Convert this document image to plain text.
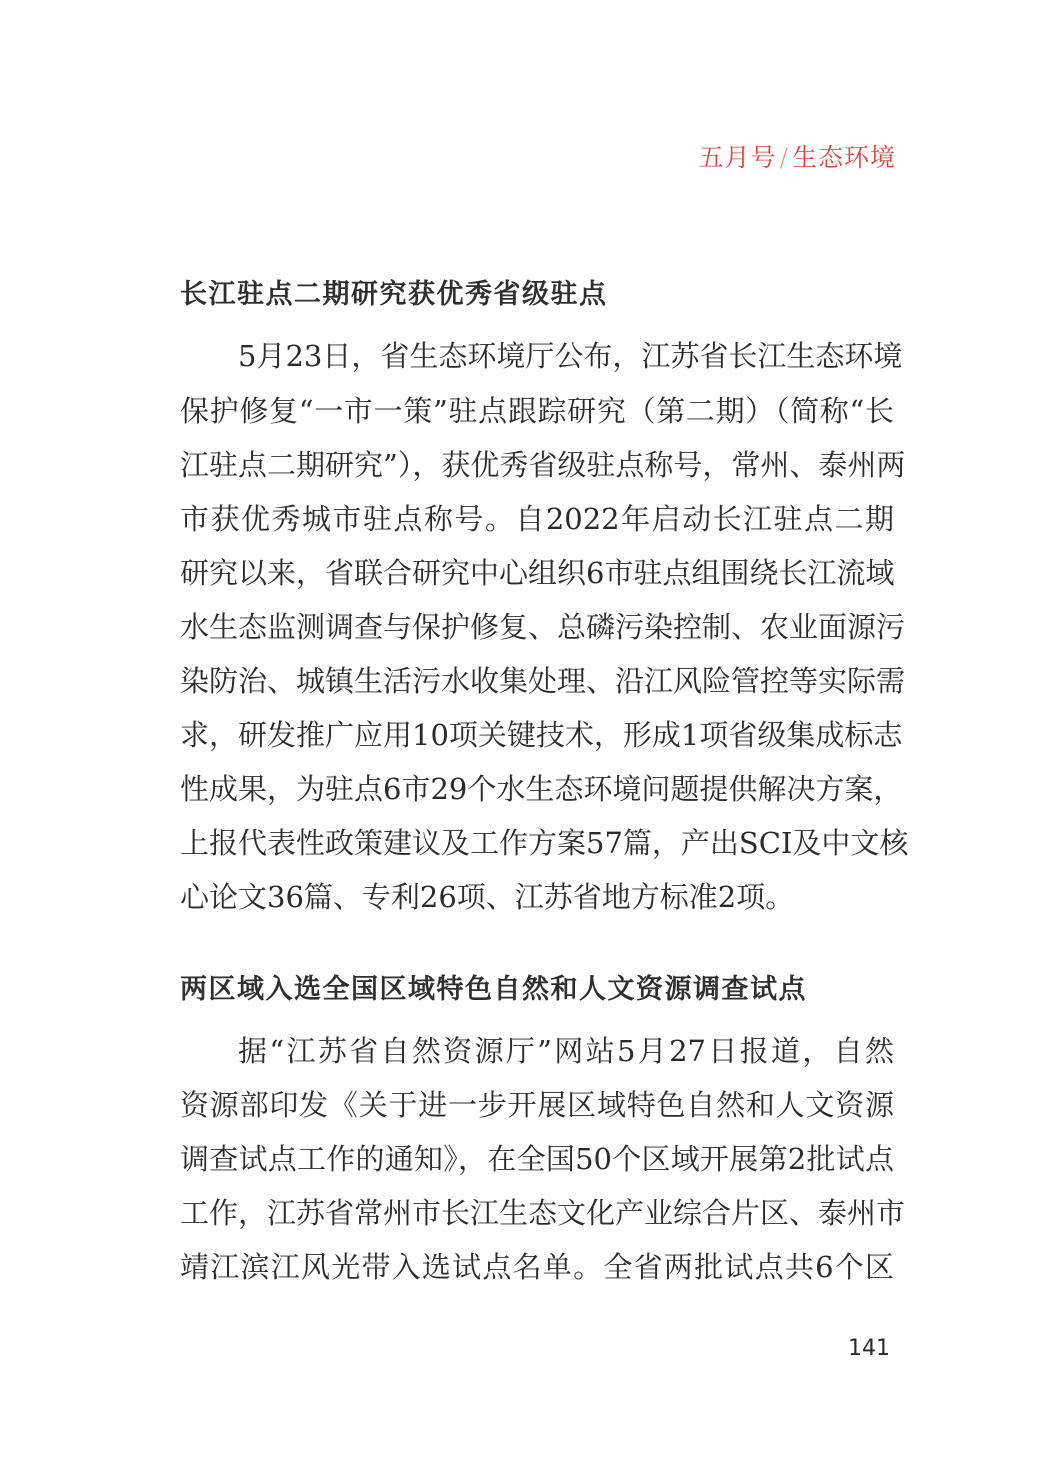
五月号 / 生态环境
长江驻点二期研究获优秀省级驻点
5月23日，省生态环境厅公布，江苏省长江生态环境
保护修复“一市一策”驻点跟踪研究（第二期）（简称“长
江驻点二期研究”），获优秀省级驻点称号，常州、泰州两
市获优秀城市驻点称号。自2022年启动长江驻点二期
研究以来，省联合研究中心组织6市驻点组围绕长江流域
水生态监测调查与保护修复、总磷污染控制、农业面源污
染防治、城镇生活污水收集处理、沿江风险管控等实际需
求，研发推广应用10项关键技术，形成1项省级集成标志
性成果，为驻点6市29个水生态环境问题提供解决方案，
上报代表性政策建议及工作方案57篇，产出SCI及中文核
心论文36篇、专利26项、江苏省地方标准2项。
两区域入选全国区域特色自然和人文资源调查试点
据“江苏省自然资源厅”网站5月27日报道，自然
资源部印发《关于进一步开展区域特色自然和人文资源
调查试点工作的通知》，在全国50个区域开展第2批试点
工作，江苏省常州市长江生态文化产业综合片区、泰州市
靖江滨江风光带入选试点名单。全省两批试点共6个区
141
